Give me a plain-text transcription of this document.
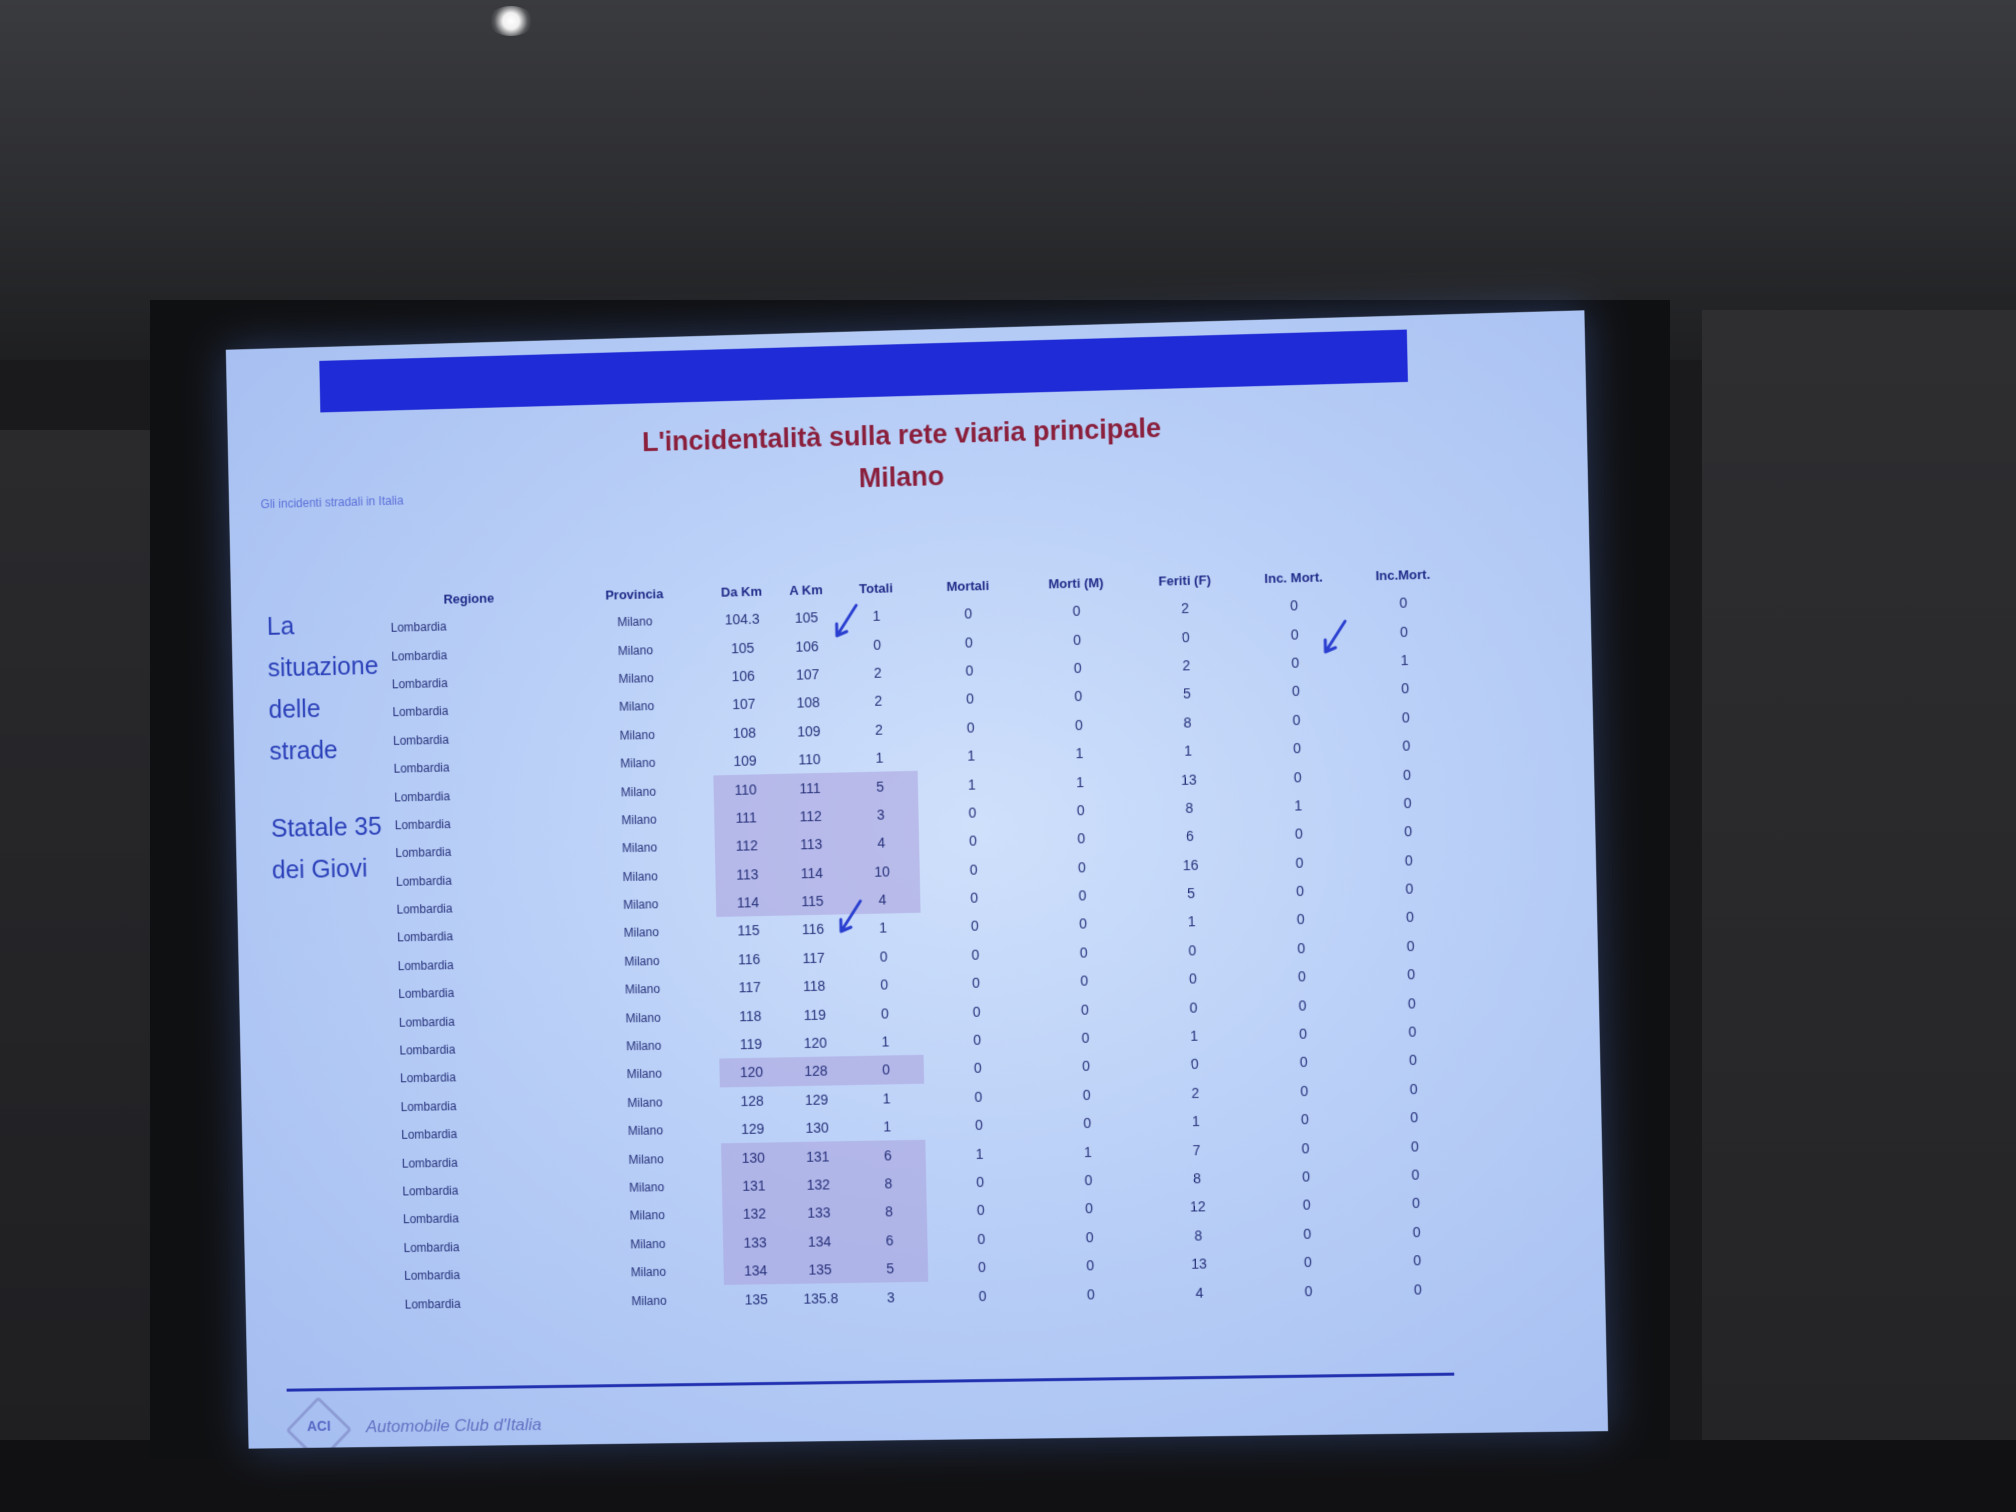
L'incidentalità sulla rete viaria principale
Milano
Gli incidenti stradali in Italia
La
situazione
delle
strade
Statale 35
dei Giovi
Regione	Provincia	Da Km	A Km	Totali	Mortali	Morti (M)	Feriti (F)	Inc. Mort.	Inc.Mort.
Lombardia	Milano	104.3	105	1	0	0	2	0	0
Lombardia	Milano	105	106	0	0	0	0	0	0
Lombardia	Milano	106	107	2	0	0	2	0	1
Lombardia	Milano	107	108	2	0	0	5	0	0
Lombardia	Milano	108	109	2	0	0	8	0	0
Lombardia	Milano	109	110	1	1	1	1	0	0
Lombardia	Milano	110	111	5	1	1	13	0	0
Lombardia	Milano	111	112	3	0	0	8	1	0
Lombardia	Milano	112	113	4	0	0	6	0	0
Lombardia	Milano	113	114	10	0	0	16	0	0
Lombardia	Milano	114	115	4	0	0	5	0	0
Lombardia	Milano	115	116	1	0	0	1	0	0
Lombardia	Milano	116	117	0	0	0	0	0	0
Lombardia	Milano	117	118	0	0	0	0	0	0
Lombardia	Milano	118	119	0	0	0	0	0	0
Lombardia	Milano	119	120	1	0	0	1	0	0
Lombardia	Milano	120	128	0	0	0	0	0	0
Lombardia	Milano	128	129	1	0	0	2	0	0
Lombardia	Milano	129	130	1	0	0	1	0	0
Lombardia	Milano	130	131	6	1	1	7	0	0
Lombardia	Milano	131	132	8	0	0	8	0	0
Lombardia	Milano	132	133	8	0	0	12	0	0
Lombardia	Milano	133	134	6	0	0	8	0	0
Lombardia	Milano	134	135	5	0	0	13	0	0
Lombardia	Milano	135	135.8	3	0	0	4	0	0
ACI Automobile Club d'Italia
